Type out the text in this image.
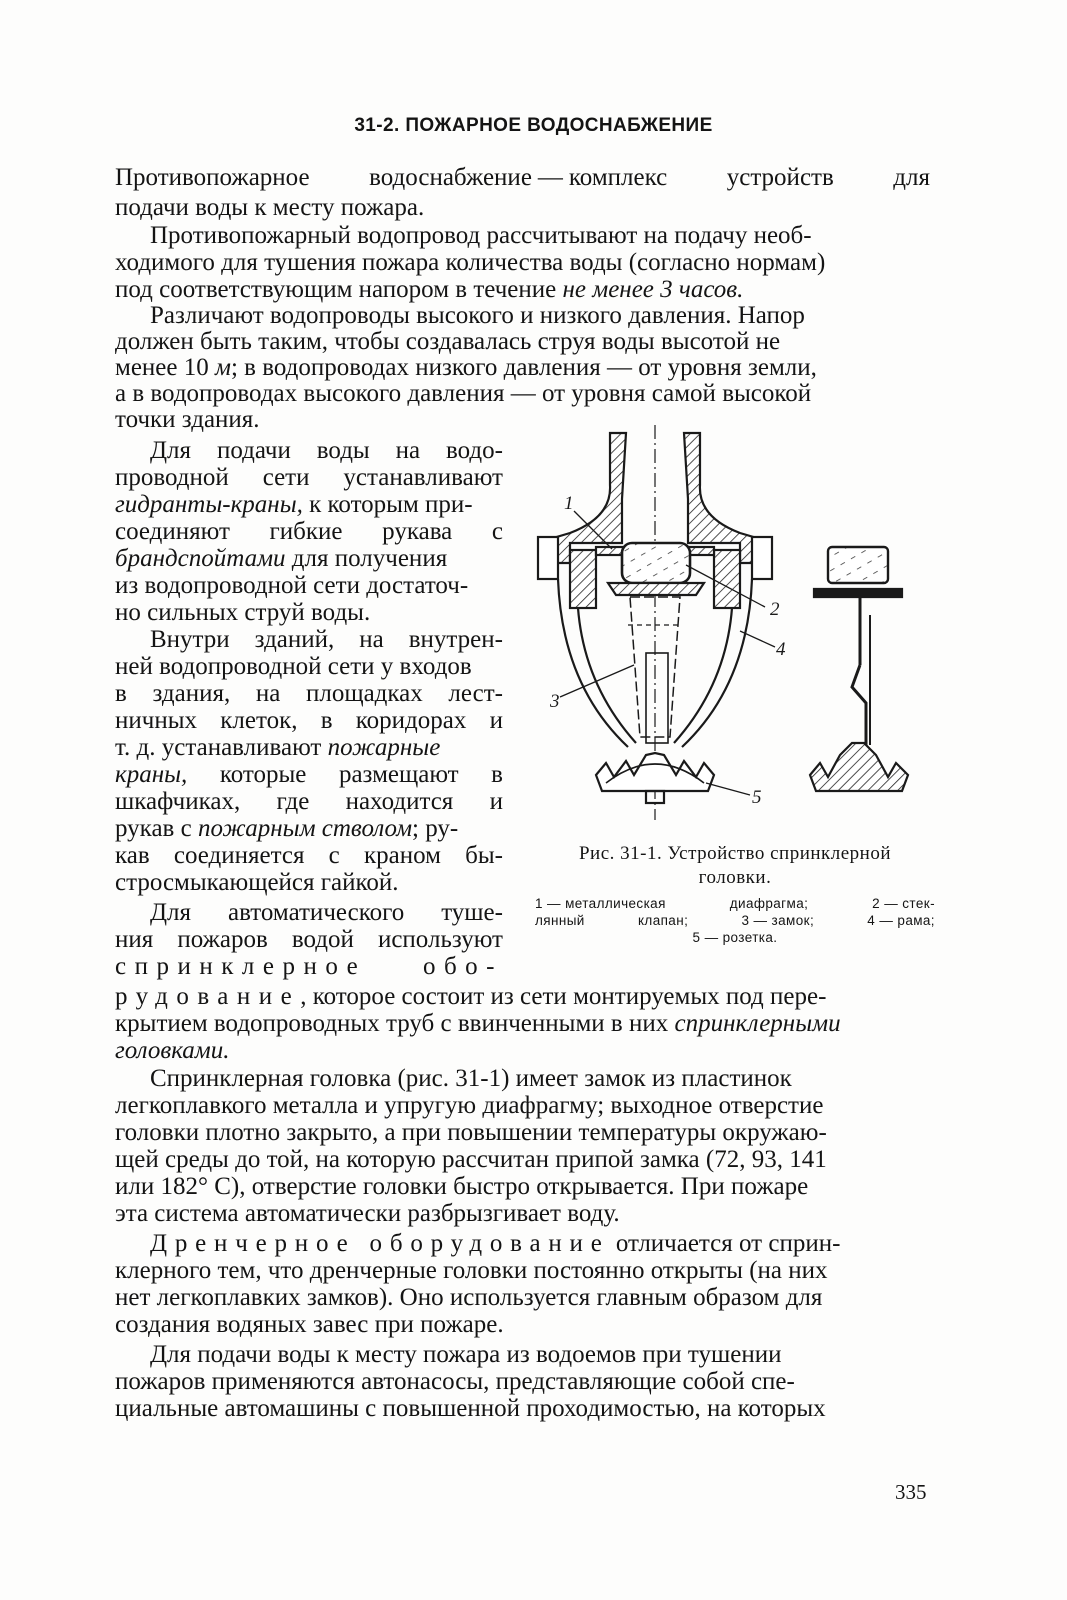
31-2. ПОЖАРНОЕ ВОДОСНАБЖЕНИЕ
Противопожарное водоснабжение — комплекс устройств для
подачи воды к месту пожара.
Противопожарный водопровод рассчитывают на подачу необ-
ходимого для тушения пожара количества воды (согласно нормам)
под соответствующим напором в течение не менее 3 часов.
Различают водопроводы высокого и низкого давления. Напор
должен быть таким, чтобы создавалась струя воды высотой не
менее 10 м; в водопроводах низкого давления — от уровня земли,
а в водопроводах высокого давления — от уровня самой высокой
точки здания.
Для подачи воды на водо-
проводной сети устанавливают
гидранты-краны, к которым при-
соединяют гибкие рукава с
брандспойтами для получения
из водопроводной сети достаточ-
но сильных струй воды.
Внутри зданий, на внутрен-
ней водопроводной сети у входов
в здания, на площадках лест-
ничных клеток, в коридорах и
т. д. устанавливают пожарные
краны, которые размещают в
шкафчиках, где находится и
рукав с пожарным стволом; ру-
кав соединяется с краном бы-
стросмыкающейся гайкой.
Для автоматического туше-
ния пожаров водой используют
спринклерное обо-
рудование, которое состоит из сети монтируемых под пере-
крытием водопроводных труб с ввинченными в них спринклерными
головками.
Спринклерная головка (рис. 31-1) имеет замок из пластинок
легкоплавкого металла и упругую диафрагму; выходное отверстие
головки плотно закрыто, а при повышении температуры окружаю-
щей среды до той, на которую рассчитан припой замка (72, 93, 141
или 182° С), отверстие головки быстро открывается. При пожаре
эта система автоматически разбрызгивает воду.
Дренчерное оборудование отличается от сприн-
клерного тем, что дренчерные головки постоянно открыты (на них
нет легкоплавких замков). Оно используется главным образом для
создания водяных завес при пожаре.
Для подачи воды к месту пожара из водоемов при тушении
пожаров применяются автонасосы, представляющие собой спе-
циальные автомашины с повышенной проходимостью, на которых
1
2
3
4
5
Рис. 31-1. Устройство спринклерной
головки.
1 — металлическая	диафрагма;	2 — стек-
лянный	клапан;	3 — замок;	4 — рама;
5 — розетка.
335
